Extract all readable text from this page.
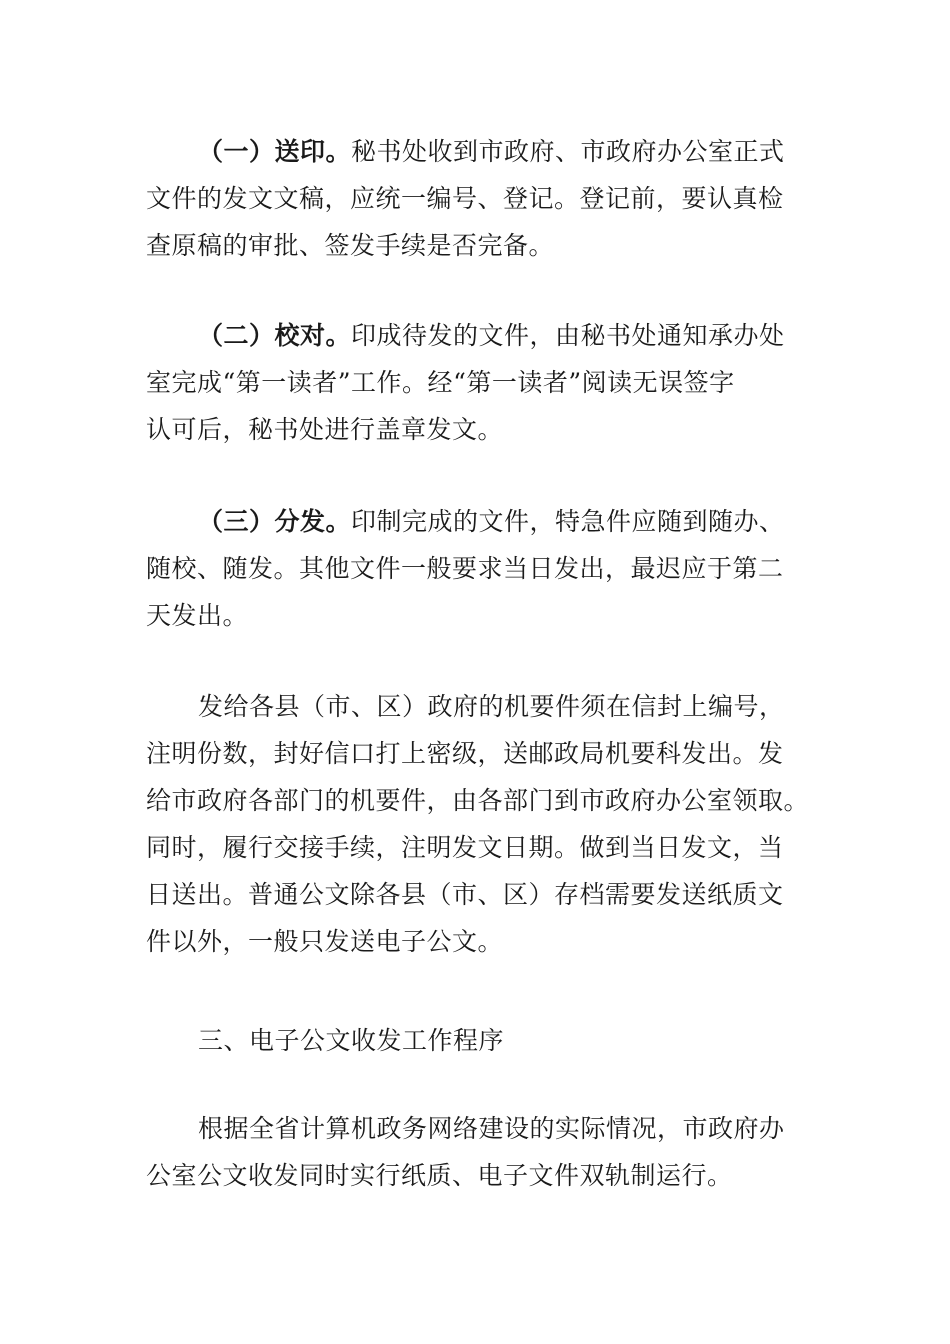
（一）送印。秘书处收到市政府、市政府办公室正式
文件的发文文稿，应统一编号、登记。登记前，要认真检
查原稿的审批、签发手续是否完备。

（二）校对。印成待发的文件，由秘书处通知承办处
室完成“第一读者”工作。经“第一读者”阅读无误签字
认可后，秘书处进行盖章发文。

（三）分发。印制完成的文件，特急件应随到随办、
随校、随发。其他文件一般要求当日发出，最迟应于第二
天发出。

发给各县（市、区）政府的机要件须在信封上编号，
注明份数，封好信口打上密级，送邮政局机要科发出。发
给市政府各部门的机要件，由各部门到市政府办公室领取。
同时，履行交接手续，注明发文日期。做到当日发文，当
日送出。普通公文除各县（市、区）存档需要发送纸质文
件以外，一般只发送电子公文。

三、电子公文收发工作程序

根据全省计算机政务网络建设的实际情况，市政府办
公室公文收发同时实行纸质、电子文件双轨制运行。
